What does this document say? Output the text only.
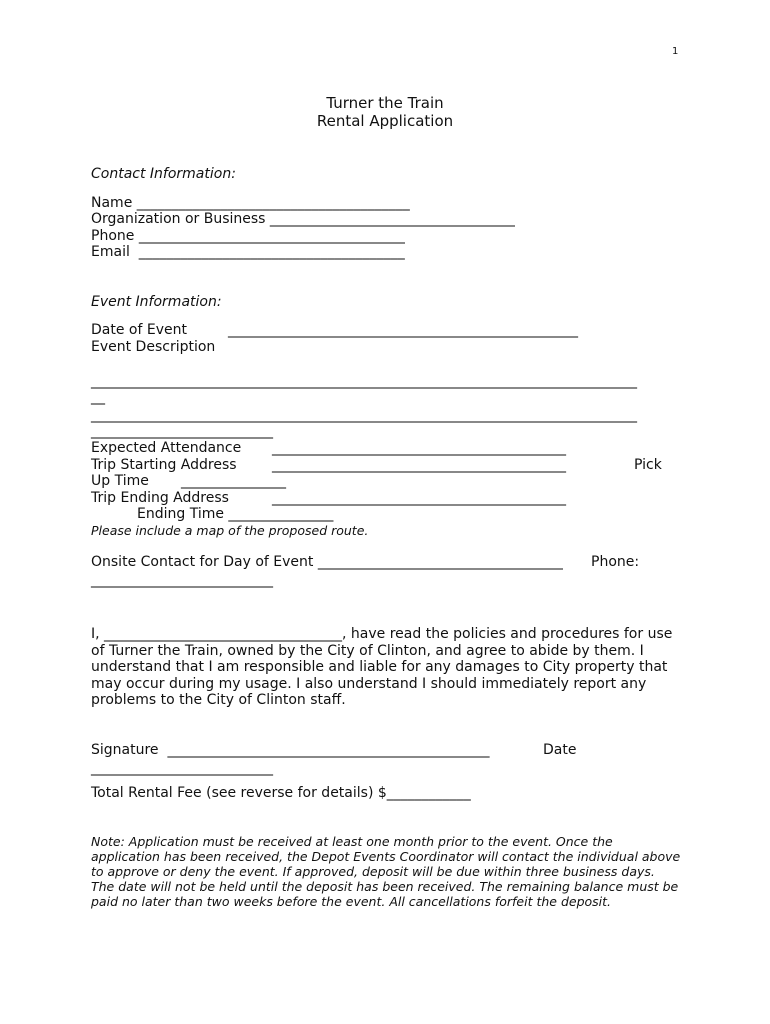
1
Turner the Train
Rental Application
Contact Information:
Name _______________________________________
Organization or Business ___________________________________
Phone ______________________________________
Email  ______________________________________
Event Information:
Date of Event	__________________________________________________
Event Description
______________________________________________________________________________
__
______________________________________________________________________________
__________________________
Expected Attendance __________________________________________
Trip Starting Address	__________________________________________	Pick
Up Time _______________
Trip Ending Address	__________________________________________
Ending Time _______________
Please include a map of the proposed route.
Onsite Contact for Day of Event ___________________________________ Phone:
__________________________
I, __________________________________, have read the policies and procedures for use of Turner the Train, owned by the City of Clinton, and agree to abide by them. I understand that I am responsible and liable for any damages to City property that may occur during my usage. I also understand I should immediately report any problems to the City of Clinton staff.
Signature  ______________________________________________	Date
__________________________
Total Rental Fee (see reverse for details) $____________
Note: Application must be received at least one month prior to the event. Once the application has been received, the Depot Events Coordinator will contact the individual above to approve or deny the event. If approved, deposit will be due within three business days. The date will not be held until the deposit has been received. The remaining balance must be paid no later than two weeks before the event. All cancellations forfeit the deposit.
